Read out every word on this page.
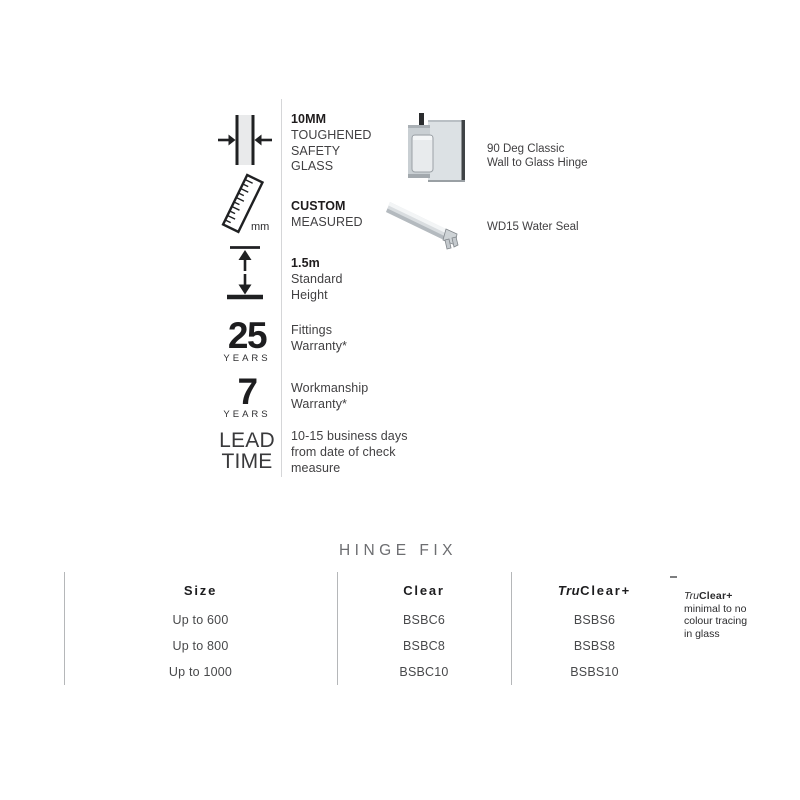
10MM
TOUGHENED
SAFETY
GLASS
mm
CUSTOM
MEASURED
1.5m
Standard
Height
25
YEARS
Fittings
Warranty*
7
YEARS
Workmanship
Warranty*
LEAD
TIME
10-15 business days
from date of check
measure
90 Deg Classic
Wall to Glass Hinge
WD15 Water Seal
HINGE FIX
Size	Clear	TruClear+
Up to 600	BSBC6	BSBS6
Up to 800	BSBC8	BSBS8
Up to 1000	BSBC10	BSBS10
TruClear+
minimal to no
colour tracing
in glass
